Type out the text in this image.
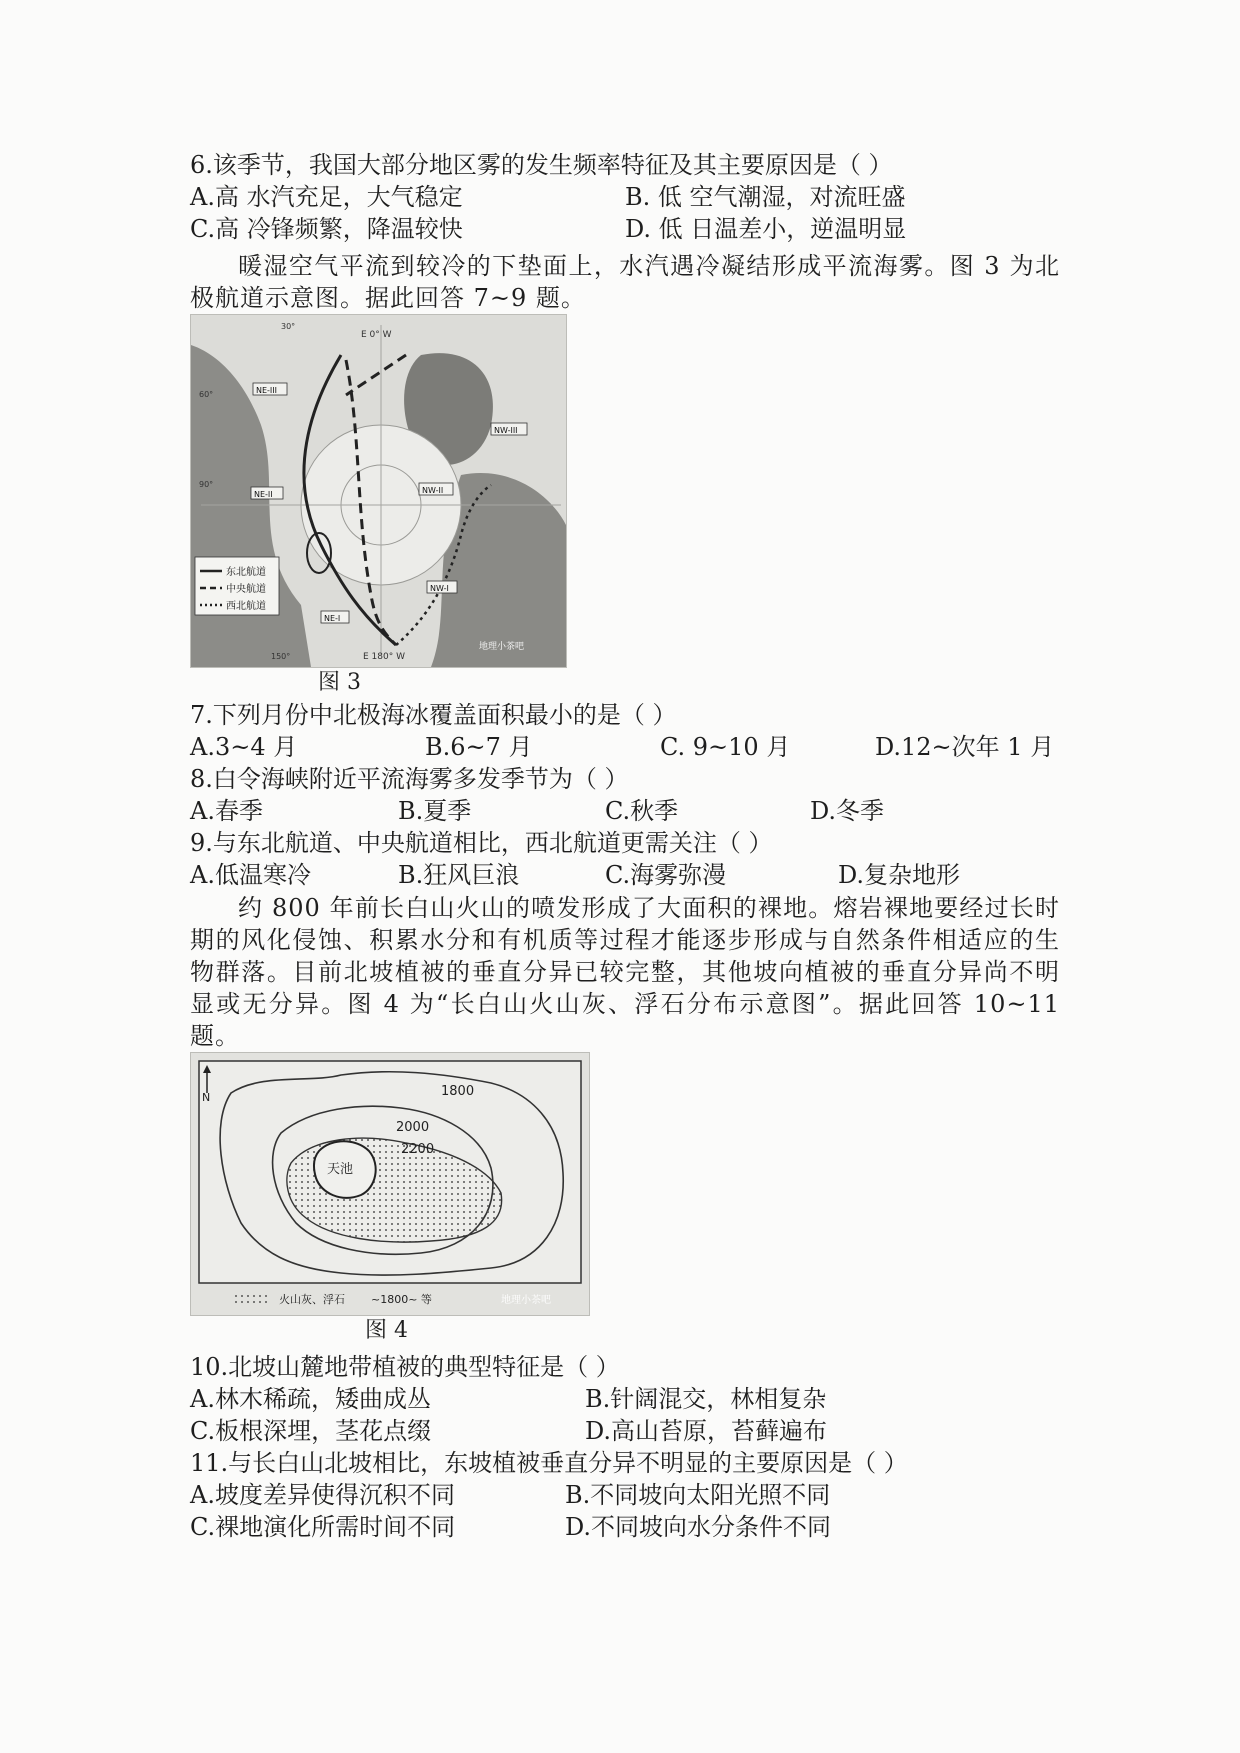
6.该季节，我国大部分地区雾的发生频率特征及其主要原因是（ ）
A.高 水汽充足，大气稳定	B. 低 空气潮湿，对流旺盛
C.高 冷锋频繁，降温较快	D. 低 日温差小，逆温明显
暖湿空气平流到较冷的下垫面上，水汽遇冷凝结形成平流海雾。图 3 为北极航道示意图。据此回答 7~9 题。
E 0° W
E 180° W
30°
60°
90°
150°
NE-III
NE-II
NE-I
NW-III
NW-II
NW-I
东北航道
中央航道
西北航道
地理小茶吧
图 3
7.下列月份中北极海冰覆盖面积最小的是（ ）
A.3~4 月	B.6~7 月	C. 9~10 月	D.12~次年 1 月
8.白令海峡附近平流海雾多发季节为（ ）
A.春季	B.夏季	C.秋季	D.冬季
9.与东北航道、中央航道相比，西北航道更需关注（ ）
A.低温寒冷	B.狂风巨浪	C.海雾弥漫	D.复杂地形
约 800 年前长白山火山的喷发形成了大面积的裸地。熔岩裸地要经过长时期的风化侵蚀、积累水分和有机质等过程才能逐步形成与自然条件相适应的生物群落。目前北坡植被的垂直分异已较完整，其他坡向植被的垂直分异尚不明显或无分异。图 4 为“长白山火山灰、浮石分布示意图”。据此回答 10~11 题。
N	1800
2000
2200
天池
火山灰、浮石 ~1800~ 等	地理小茶吧
图 4
10.北坡山麓地带植被的典型特征是（ ）
A.林木稀疏，矮曲成丛	B.针阔混交，林相复杂
C.板根深埋，茎花点缀	D.高山苔原，苔藓遍布
11.与长白山北坡相比，东坡植被垂直分异不明显的主要原因是（ ）
A.坡度差异使得沉积不同	B.不同坡向太阳光照不同
C.裸地演化所需时间不同	D.不同坡向水分条件不同
